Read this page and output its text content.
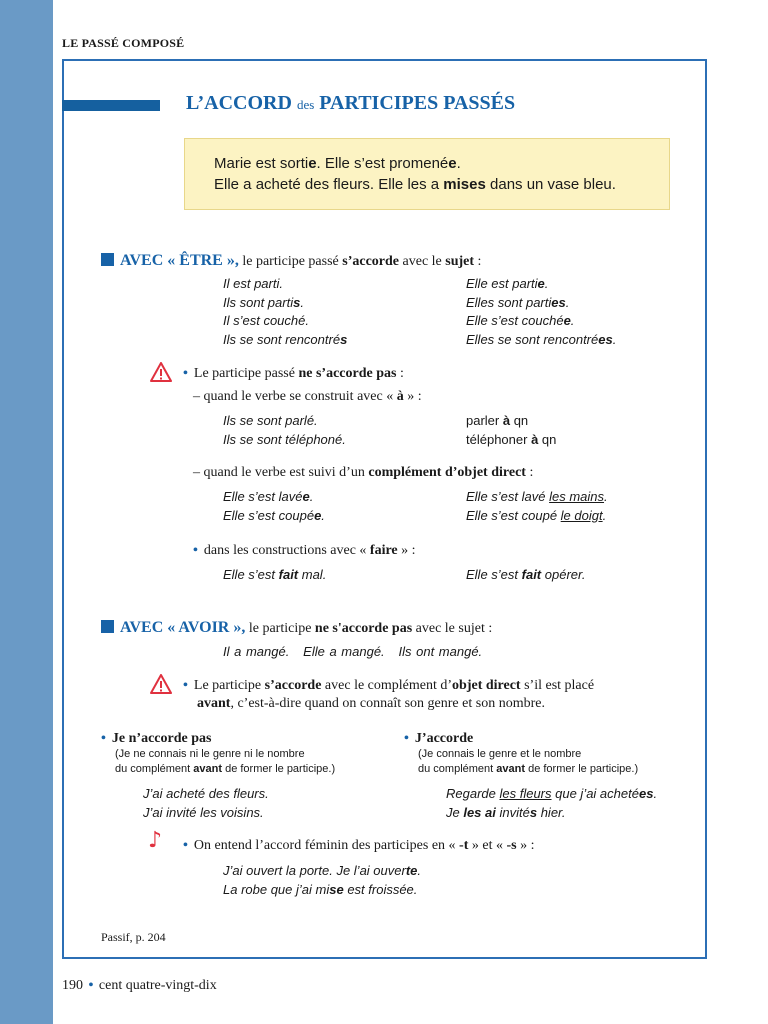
LE PASSÉ COMPOSÉ
L’ACCORD des PARTICIPES PASSÉS
Marie est sortie. Elle s’est promenée.
Elle a acheté des fleurs. Elle les a mises dans un vase bleu.
AVEC « ÊTRE », le participe passé s’accorde avec le sujet :
Il est parti.	Elle est partie.
Ils sont partis.	Elles sont parties.
Il s’est couché.	Elle s’est couchée.
Ils se sont rencontrés	Elles se sont rencontrées.
• Le participe passé ne s’accorde pas :
– quand le verbe se construit avec « à » :
Ils se sont parlé.	parler à qn
Ils se sont téléphoné.	téléphoner à qn
– quand le verbe est suivi d’un complément d’objet direct :
Elle s’est lavée.	Elle s’est lavé les mains.
Elle s’est coupée.	Elle s’est coupé le doigt.
• dans les constructions avec « faire » :
Elle s’est fait mal.	Elle s’est fait opérer.
AVEC « AVOIR », le participe ne s'accorde pas avec le sujet :
Il a mangé. Elle a mangé. Ils ont mangé.
• Le participe s’accorde avec le complément d’objet direct s’il est placé
avant, c’est-à-dire quand on connaît son genre et son nombre.
• Je n’accorde pas
(Je ne connais ni le genre ni le nombre
du complément avant de former le participe.)
• J’accorde
(Je connais le genre et le nombre
du complément avant de former le participe.)
J’ai acheté des fleurs.
J’ai invité les voisins.
Regarde les fleurs que j’ai achetées.
Je les ai invités hier.
♪ • On entend l’accord féminin des participes en « -t » et « -s » :
J’ai ouvert la porte. Je l’ai ouverte.
La robe que j’ai mise est froissée.
Passif, p. 204
190 • cent quatre-vingt-dix
